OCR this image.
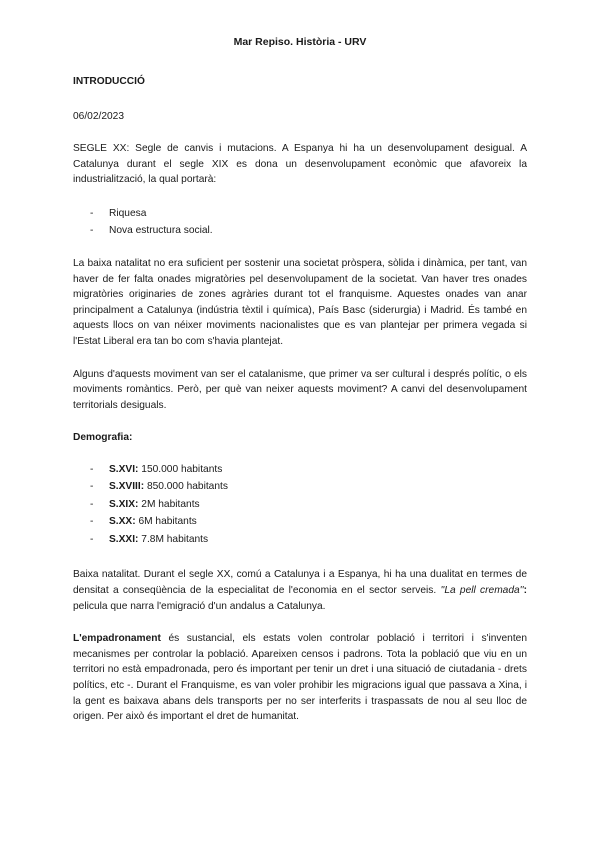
Mar Repiso. Història - URV

INTRODUCCIÓ

06/02/2023

SEGLE XX: Segle de canvis i mutacions. A Espanya hi ha un desenvolupament desigual. A Catalunya durant el segle XIX es dona un desenvolupament econòmic que afavoreix la industrialització, la qual portarà:

- Riquesa
- Nova estructura social.

La baixa natalitat no era suficient per sostenir una societat pròspera, sòlida i dinàmica, per tant, van haver de fer falta onades migratòries pel desenvolupament de la societat. Van haver tres onades migratòries originaries de zones agràries durant tot el franquisme. Aquestes onades van anar principalment a Catalunya (indústria tèxtil i química), País Basc (siderurgia) i Madrid. És també en aquests llocs on van néixer moviments nacionalistes que es van plantejar per primera vegada si l'Estat Liberal era tan bo com s'havia plantejat.

Alguns d'aquests moviment van ser el catalanisme, que primer va ser cultural i després polític, o els moviments romàntics. Però, per què van neixer aquests moviment? A canvi del desenvolupament territorials desiguals.

Demografia:

- S.XVI: 150.000 habitants
- S.XVIII: 850.000 habitants
- S.XIX: 2M habitants
- S.XX: 6M habitants
- S.XXI: 7.8M habitants

Baixa natalitat. Durant el segle XX, comú a Catalunya i a Espanya, hi ha una dualitat en termes de densitat a conseqüència de la especialitat de l'economia en el sector serveis. ''La pell cremada'': pelicula que narra l'emigració d'un andalus a Catalunya.

L'empadronament és sustancial, els estats volen controlar població i territori i s'inventen mecanismes per controlar la població. Apareixen censos i padrons. Tota la població que viu en un territori no està empadronada, pero és important per tenir un dret i una situació de ciutadania - drets polítics, etc -. Durant el Franquisme, es van voler prohibir les migracions igual que passava a Xina, i la gent es baixava abans dels transports per no ser interferits i traspassats de nou al seu lloc de origen. Per això és important el dret de humanitat.
